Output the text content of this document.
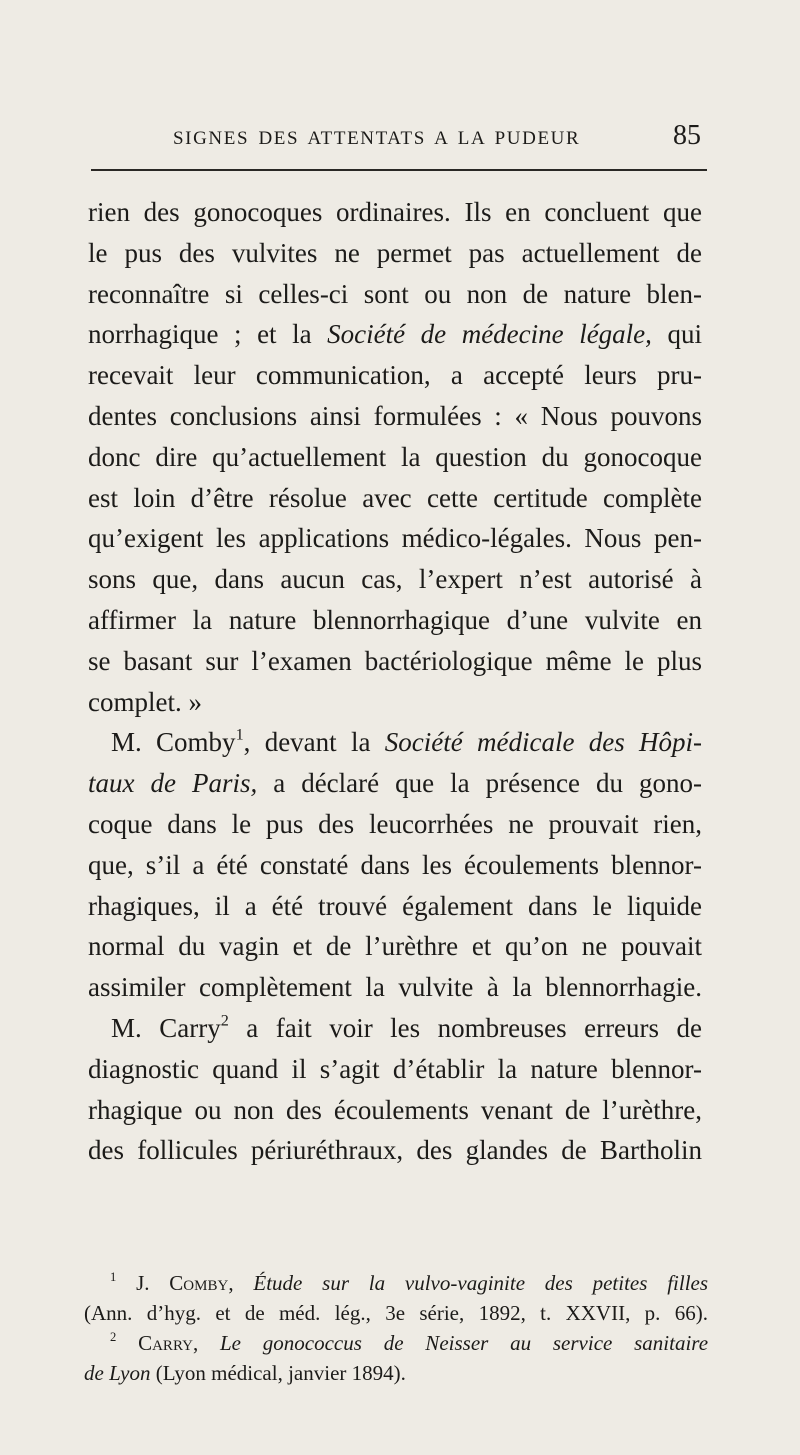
SIGNES DES ATTENTATS A LA PUDEUR	85
rien des gonocoques ordinaires. Ils en concluent que
le pus des vulvites ne permet pas actuellement de
reconnaître si celles-ci sont ou non de nature blen-
norrhagique ; et la Société de médecine légale, qui
recevait leur communication, a accepté leurs pru-
dentes conclusions ainsi formulées : « Nous pouvons
donc dire qu’actuellement la question du gonocoque
est loin d’être résolue avec cette certitude complète
qu’exigent les applications médico-légales. Nous pen-
sons que, dans aucun cas, l’expert n’est autorisé à
affirmer la nature blennorrhagique d’une vulvite en
se basant sur l’examen bactériologique même le plus
complet. »
M. Comby$^1$, devant la Société médicale des Hôpi-
taux de Paris, a déclaré que la présence du gono-
coque dans le pus des leucorrhées ne prouvait rien,
que, s’il a été constaté dans les écoulements blennor-
rhagiques, il a été trouvé également dans le liquide
normal du vagin et de l’urèthre et qu’on ne pouvait
assimiler complètement la vulvite à la blennorrhagie.
M. Carry$^2$ a fait voir les nombreuses erreurs de
diagnostic quand il s’agit d’établir la nature blennor-
rhagique ou non des écoulements venant de l’urèthre,
des follicules périuréthraux, des glandes de Bartholin
$^1$ J. Comby, Étude sur la vulvo-vaginite des petites filles
(Ann. d’hyg. et de méd. lég., 3e série, 1892, t. XXVII, p. 66).
$^2$ Carry, Le gonococcus de Neisser au service sanitaire
de Lyon (Lyon médical, janvier 1894).
